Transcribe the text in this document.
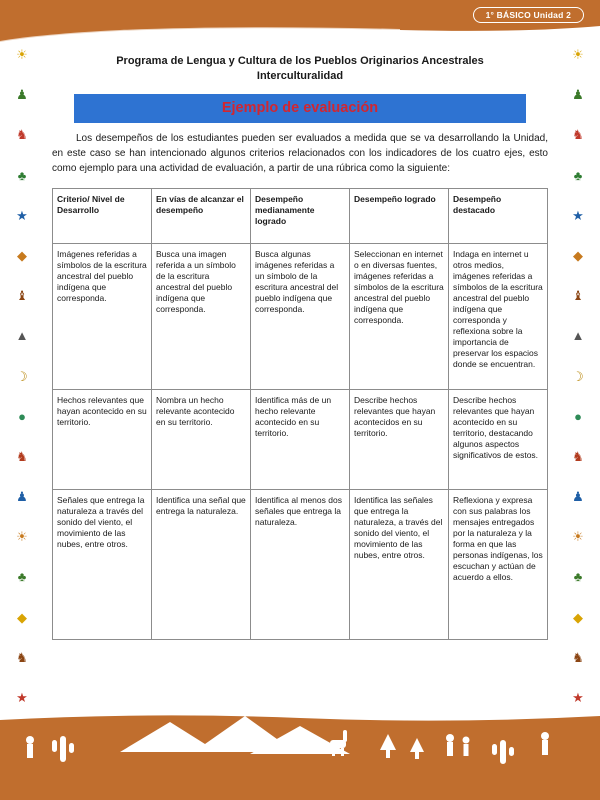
1° BÁSICO Unidad 2
☀
♟
♞
♣
★
◆
♝
▲
☽
●
♞
♟
☀
♣
◆
♞
★
☀
♟
♞
♣
★
◆
♝
▲
☽
●
♞
♟
☀
♣
◆
♞
★

Programa de Lengua y Cultura de los Pueblos Originarios Ancestrales
Interculturalidad

Ejemplo de evaluación

Los desempeños de los estudiantes pueden ser evaluados a medida que se va desarrollando la Unidad, en este caso se han intencionado algunos criterios relacionados con los indicadores de los cuatro ejes, esto como ejemplo para una actividad de evaluación, a partir de una rúbrica como la siguiente:

Criterio/ Nivel de Desarrollo	En vías de alcanzar el desempeño	Desempeño medianamente logrado	Desempeño logrado	Desempeño destacado
Imágenes referidas a símbolos de la escritura ancestral del pueblo indígena que corresponda.	Busca una imagen referida a un símbolo de la escritura ancestral del pueblo indígena que corresponda.	Busca algunas imágenes referidas a un símbolo de la escritura ancestral del pueblo indígena que corresponda.	Seleccionan en internet o en diversas fuentes, imágenes referidas a símbolos de la escritura ancestral del pueblo indígena que corresponda.	Indaga en internet u otros medios, imágenes referidas a símbolos de la escritura ancestral del pueblo indígena que corresponda y reflexiona sobre la importancia de preservar los espacios donde se encuentran.
Hechos relevantes que hayan acontecido en su territorio.	Nombra un hecho relevante acontecido en su territorio.	Identifica más de un hecho relevante acontecido en su territorio.	Describe hechos relevantes que hayan acontecidos en su territorio.	Describe hechos relevantes que hayan acontecido en su territorio, destacando algunos aspectos significativos de estos.
Señales que entrega la naturaleza a través del sonido del viento, el movimiento de las nubes, entre otros.	Identifica una señal que entrega la naturaleza.	Identifica al menos dos señales que entrega la naturaleza.	Identifica las señales que entrega la naturaleza, a través del sonido del viento, el movimiento de las nubes, entre otros.	Reflexiona y expresa con sus palabras los mensajes entregados por la naturaleza y la forma en que las personas indígenas, los escuchan y actúan de acuerdo a ellos.
